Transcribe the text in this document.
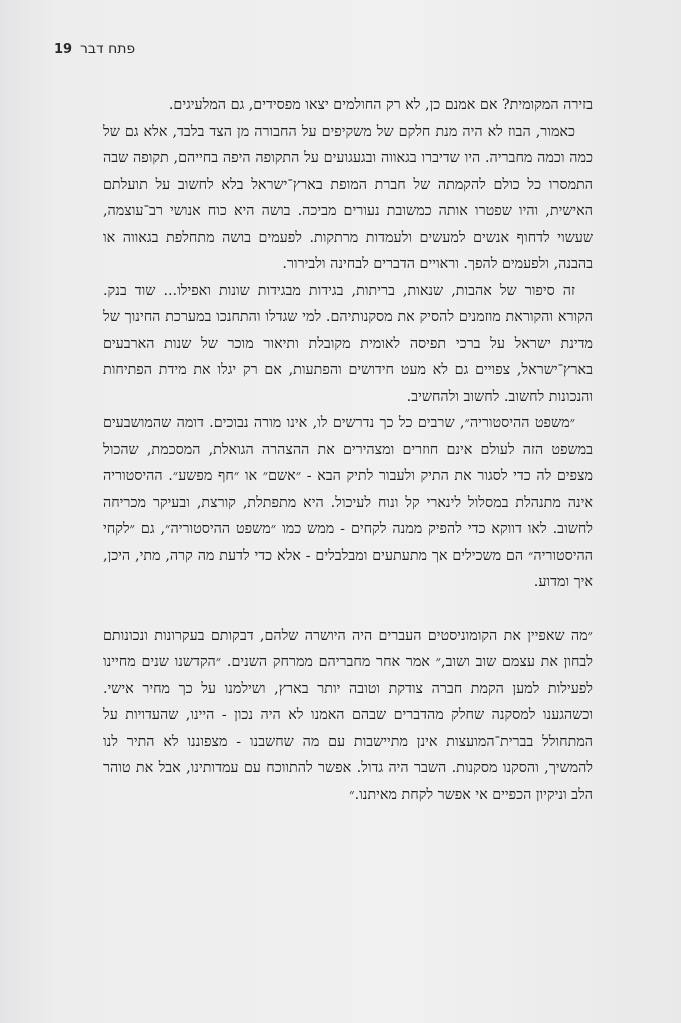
19 פתח דבר

בזירה המקומית? אם אמנם כן, לא רק החולמים יצאו מפסידים, גם המלעיגים.

כאמור, הבוז לא היה מנת חלקם של משקיפים על החבורה מן הצד בלבד, אלא גם של כמה וכמה מחבריה. היו שדיברו בגאווה ובגעגועים על התקופה היפה בחייהם, תקופה שבה התמסרו כל כולם להקמתה של חברת המופת בארץ־ישראל בלא לחשוב על תועלתם האישית, והיו שפטרו אותה כמשובת נעורים מביכה. בושה היא כוח אנושי רב־עוצמה, שעשוי לדחוף אנשים למעשים ולעמדות מרתקות. לפעמים בושה מתחלפת בגאווה או בהבנה, ולפעמים להפך. וראויים הדברים לבחינה ולבירור.

זה סיפור של אהבות, שנאות, בריתות, בגידות מבגידות שונות ואפילו... שוד בנק. הקורא והקוראת מוזמנים להסיק את מסקנותיהם. למי שגדלו והתחנכו במערכת החינוך של מדינת ישראל על ברכי תפיסה לאומית מקובלת ותיאור מוכר של שנות הארבעים בארץ־ישראל, צפויים גם לא מעט חידושים והפתעות, אם רק יגלו את מידת הפתיחות והנכונות לחשוב. לחשוב ולהחשיב.

״משפט ההיסטוריה״, שרבים כל כך נדרשים לו, אינו מורה נבוכים. דומה שהמושבעים במשפט הזה לעולם אינם חוזרים ומצהירים את ההצהרה הגואלת, המסכמת, שהכול מצפים לה כדי לסגור את התיק ולעבור לתיק הבא - ״אשם״ או ״חף מפשע״. ההיסטוריה אינה מתנהלת במסלול לינארי קל ונוח לעיכול. היא מתפתלת, קורצת, ובעיקר מכריחה לחשוב. לאו דווקא כדי להפיק ממנה לקחים - ממש כמו ״משפט ההיסטוריה״, גם ״לקחי ההיסטוריה״ הם משכילים אך מתעתעים ומבלבלים - אלא כדי לדעת מה קרה, מתי, היכן, איך ומדוע.

״מה שאפיין את הקומוניסטים העברים היה היושרה שלהם, דבקותם בעקרונות ונכונותם לבחון את עצמם שוב ושוב,״ אמר אחר מחבריהם ממרחק השנים. ״הקדשנו שנים מחיינו לפעילות למען הקמת חברה צודקת וטובה יותר בארץ, ושילמנו על כך מחיר אישי. וכשהגענו למסקנה שחלק מהדברים שבהם האמנו לא היה נכון - היינו, שהעדויות על המתחולל בברית־המועצות אינן מתיישבות עם מה שחשבנו - מצפוננו לא התיר לנו להמשיך, והסקנו מסקנות. השבר היה גדול. אפשר להתווכח עם עמדותינו, אבל את טוהר הלב וניקיון הכפיים אי אפשר לקחת מאיתנו.״
